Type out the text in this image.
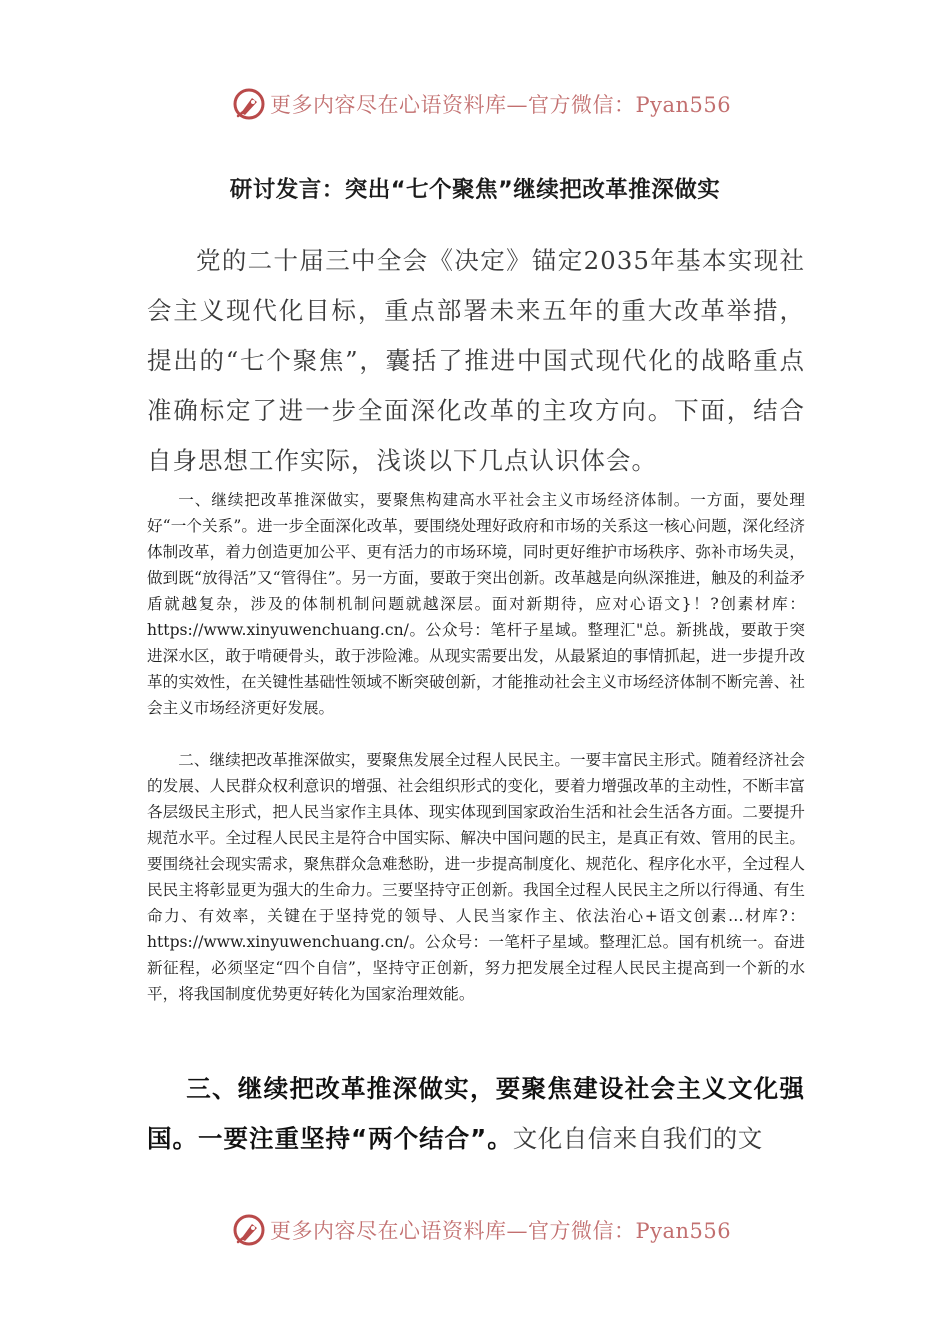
更多内容尽在心语资料库—官方微信：Pyan556
研讨发言：突出“七个聚焦”继续把改革推深做实

党的二十届三中全会《决定》锚定2035年基本实现社会主义现代化目标，重点部署未来五年的重大改革举措，提出的“七个聚焦”，囊括了推进中国式现代化的战略重点准确标定了进一步全面深化改革的主攻方向。下面，结合自身思想工作实际，浅谈以下几点认识体会。

一、继续把改革推深做实，要聚焦构建高水平社会主义市场经济体制。一方面，要处理好“一个关系”。进一步全面深化改革，要围绕处理好政府和市场的关系这一核心问题，深化经济体制改革，着力创造更加公平、更有活力的市场环境，同时更好维护市场秩序、弥补市场失灵，做到既“放得活”又“管得住”。另一方面，要敢于突出创新。改革越是向纵深推进，触及的利益矛盾就越复杂，涉及的体制机制问题就越深层。面对新期待，应对心语文}！?创素材库：https://www.xinyuwenchuang.cn/。公众号：笔杆子星域。整理汇"总。新挑战，要敢于突进深水区，敢于啃硬骨头，敢于涉险滩。从现实需要出发，从最紧迫的事情抓起，进一步提升改革的实效性，在关键性基础性领域不断突破创新，才能推动社会主义市场经济体制不断完善、社会主义市场经济更好发展。

二、继续把改革推深做实，要聚焦发展全过程人民民主。一要丰富民主形式。随着经济社会的发展、人民群众权利意识的增强、社会组织形式的变化，要着力增强改革的主动性，不断丰富各层级民主形式，把人民当家作主具体、现实体现到国家政治生活和社会生活各方面。二要提升规范水平。全过程人民民主是符合中国实际、解决中国问题的民主，是真正有效、管用的民主。要围绕社会现实需求，聚焦群众急难愁盼，进一步提高制度化、规范化、程序化水平，全过程人民民主将彰显更为强大的生命力。三要坚持守正创新。我国全过程人民民主之所以行得通、有生命力、有效率，关键在于坚持党的领导、人民当家作主、依法治心+语文创素…材库?：https://www.xinyuwenchuang.cn/。公众号：一笔杆子星域。整理汇总。国有机统一。奋进新征程，必须坚定“四个自信”，坚持守正创新，努力把发展全过程人民民主提高到一个新的水平，将我国制度优势更好转化为国家治理效能。

三、继续把改革推深做实，要聚焦建设社会主义文化强国。一要注重坚持“两个结合”。文化自信来自我们的文

更多内容尽在心语资料库—官方微信：Pyan556
